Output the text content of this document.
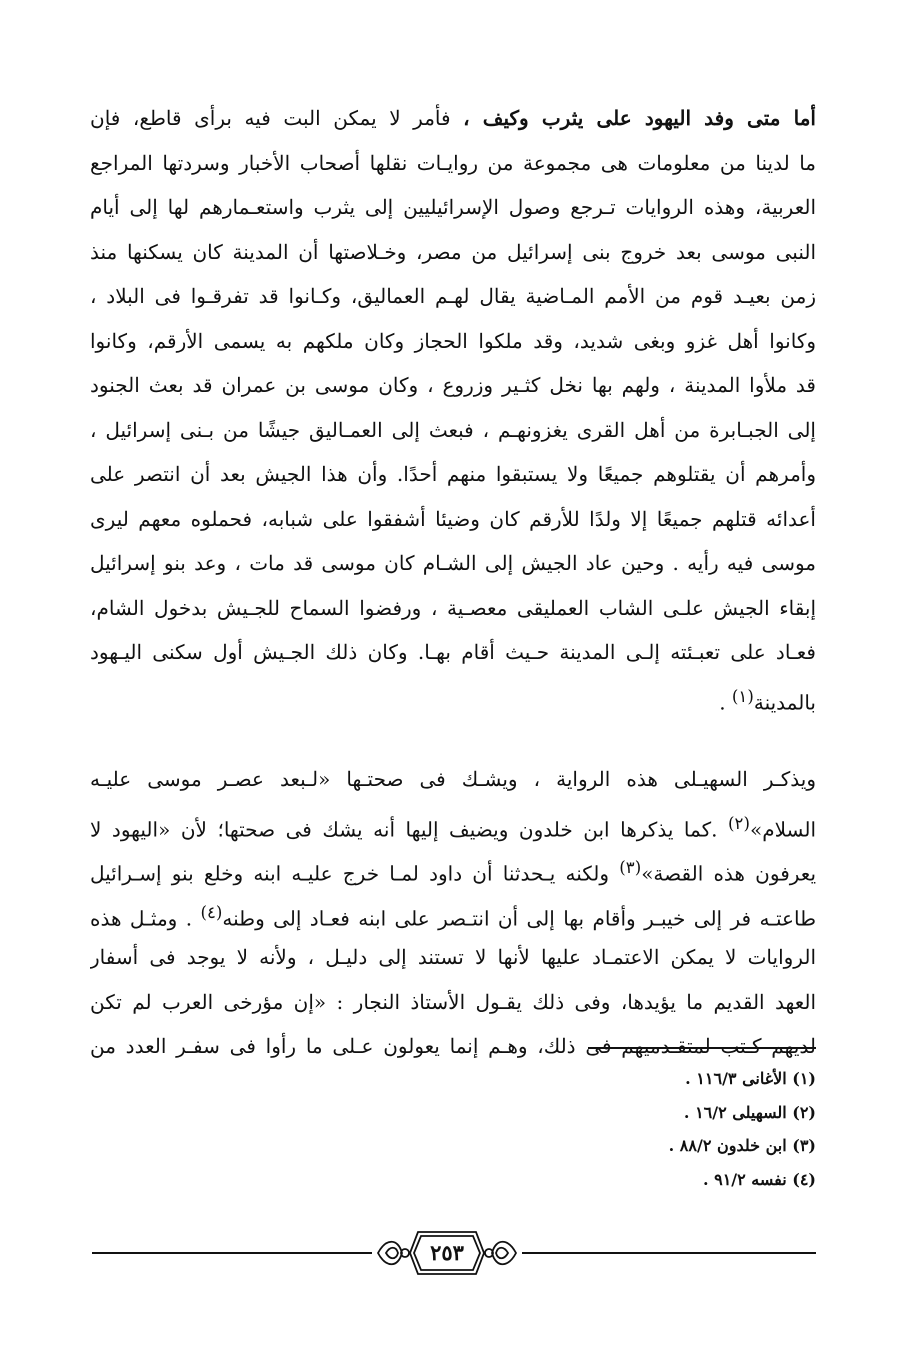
أما متى وفد اليهود على يثرب وكيف ، فأمر لا يمكن البت فيه برأى قاطع، فإن
ما لدينا من معلومات هى مجموعة من روايـات نقلها أصحاب الأخبار وسردتها المراجع
العربية، وهذه الروايات تـرجع وصول الإسرائيليين إلى يثرب واستعـمارهم لها إلى أيام
النبى موسى بعد خروج بنى إسرائيل من مصر، وخـلاصتها أن المدينة كان يسكنها منذ
زمن بعيـد قوم من الأمم المـاضية يقال لهـم العماليق، وكـانوا قد تفرقـوا فى البلاد ،
وكانوا أهل غزو وبغى شديد، وقد ملكوا الحجاز وكان ملكهم به يسمى الأرقم، وكانوا
قد ملأوا المدينة ، ولهم بها نخل كثـير وزروع ، وكان موسى بن عمران قد بعث الجنود
إلى الجبـابرة من أهل القرى يغزونهـم ، فبعث إلى العمـاليق جيشًا من بـنى إسرائيل ،
وأمرهم أن يقتلوهم جميعًا ولا يستبقوا منهم أحدًا. وأن هذا الجيش بعد أن انتصر على
أعدائه قتلهم جميعًا إلا ولدًا للأرقم كان وضيئا أشفقوا على شبابه، فحملوه معهم ليرى
موسى فيه رأيه . وحين عاد الجيش إلى الشـام كان موسى قد مات ، وعد بنو إسرائيل
إبقاء الجيش علـى الشاب العمليقى معصـية ، ورفضوا السماح للجـيش بدخول الشام،
فعـاد على تعبـئته إلـى المدينة حـيث أقام بهـا. وكان ذلك الجـيش أول سكنى اليـهود
بالمدينة$^{(١)}$ .
ويذكـر السهيـلى هذه الرواية ، ويشـك فى صحتـها «لـبعد عصـر موسى عليـه
السلام»$^{(٢)}$ .كما يذكرها ابن خلدون ويضيف إليها أنه يشك فى صحتها؛ لأن «اليهود لا
يعرفون هذه القصة»$^{(٣)}$ ولكنه يـحدثنا أن داود لمـا خرج عليـه ابنه وخلع بنو إسـرائيل
طاعتـه فر إلى خيبـر وأقام بها إلى أن انتـصر على ابنه فعـاد إلى وطنه$^{(٤)}$ . ومثـل هذه
الروايات لا يمكن الاعتمـاد عليها لأنها لا تستند إلى دليـل ، ولأنه لا يوجد فى أسفار
العهد القديم ما يؤيدها، وفى ذلك يقـول الأستاذ النجار : «إن مؤرخى العرب لم تكن
لديهم كـتب لمتقـدميهم فى ذلك، وهـم إنما يعولون عـلى ما رأوا فى سفـر العدد من
(١) الأغانى ١١٦/٣ .
(٢) السهيلى ١٦/٢ .
(٣) ابن خلدون ٨٨/٢ .
(٤) نفسه ٩١/٢ .
٢٥٣
